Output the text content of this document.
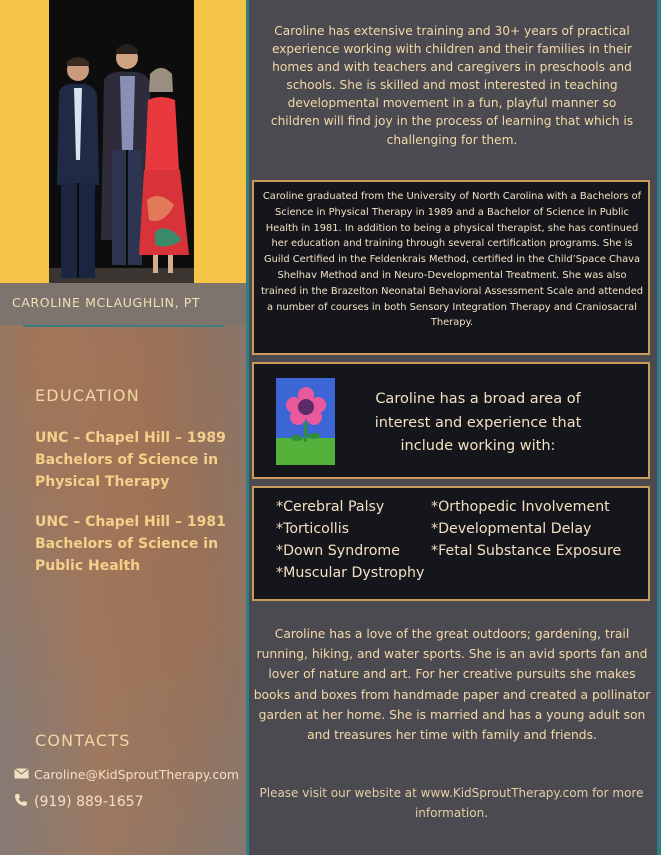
CAROLINE MCLAUGHLIN, PT
EDUCATION
UNC – Chapel Hill – 1989 Bachelors of Science in Physical Therapy
UNC – Chapel Hill – 1981 Bachelors of Science in Public Health
CONTACTS
Caroline@KidSproutTherapy.com
(919) 889-1657
Caroline has extensive training and 30+ years of practical experience working with children and their families in their homes and with teachers and caregivers in preschools and schools. She is skilled and most interested in teaching developmental movement in a fun, playful manner so children will find joy in the process of learning that which is challenging for them.
Caroline graduated from the University of North Carolina with a Bachelors of Science in Physical Therapy in 1989 and a Bachelor of Science in Public Health in 1981. In addition to being a physical therapist, she has continued her education and training through several certification programs. She is Guild Certified in the Feldenkrais Method, certified in the Child’Space Chava Shelhav Method and in Neuro-Developmental Treatment. She was also trained in the Brazelton Neonatal Behavioral Assessment Scale and attended a number of courses in both Sensory Integration Therapy and Craniosacral Therapy.
Caroline has a broad area of interest and experience that include working with:
*Cerebral Palsy	*Orthopedic Involvement
*Torticollis	*Developmental Delay
*Down Syndrome *Fetal Substance Exposure
*Muscular Dystrophy
Caroline has a love of the great outdoors; gardening, trail running, hiking, and water sports. She is an avid sports fan and lover of nature and art. For her creative pursuits she makes books and boxes from handmade paper and created a pollinator garden at her home. She is married and has a young adult son and treasures her time with family and friends.
Please visit our website at www.KidSproutTherapy.com for more information.
